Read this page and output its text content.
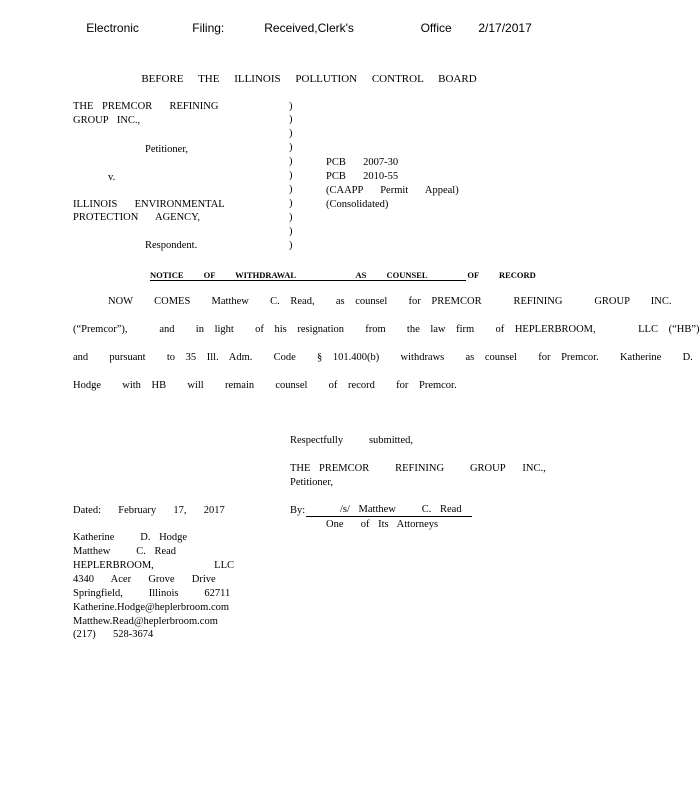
Electronic    Filing:   Received,Clerk's     Office  2/17/2017
BEFORE THE ILLINOIS POLLUTION CONTROL BOARD
THE PREMCOR  REFINING
GROUP INC.,
Petitioner,
v.
ILLINOIS  ENVIRONMENTAL
PROTECTION  AGENCY,
Respondent.
)
)
)
)
)
)
)
)
)
)
)
PCB  2007-30
PCB  2010-55
(CAAPP  Permit  Appeal)
(Consolidated)
NOTICE OF WITHDRAWAL   AS COUNSEL  OF RECORD
NOW  COMES  Matthew  C. Read,  as counsel  for PREMCOR   REFINING   GROUP  INC.
(“Premcor”),   and  in light  of his resignation  from  the law firm  of HEPLERBROOM,    LLC (“HB”)
and  pursuant  to 35 Ill. Adm.  Code  § 101.400(b)  withdraws  as counsel  for Premcor.  Katherine  D.
Hodge  with HB  will  remain  counsel  of record  for Premcor.
Respectfully   submitted,
THE PREMCOR   REFINING   GROUP  INC.,
Petitioner,
Dated:  February  17,  2017	By:	/s/ Matthew   C. Read
One  of Its Attorneys
Katherine   D. Hodge
Matthew   C. Read
HEPLERBROOM,       LLC
4340  Acer  Grove  Drive
Springfield,   Illinois   62711
Katherine.Hodge@heplerbroom.com
Matthew.Read@heplerbroom.com
(217)  528-3674
